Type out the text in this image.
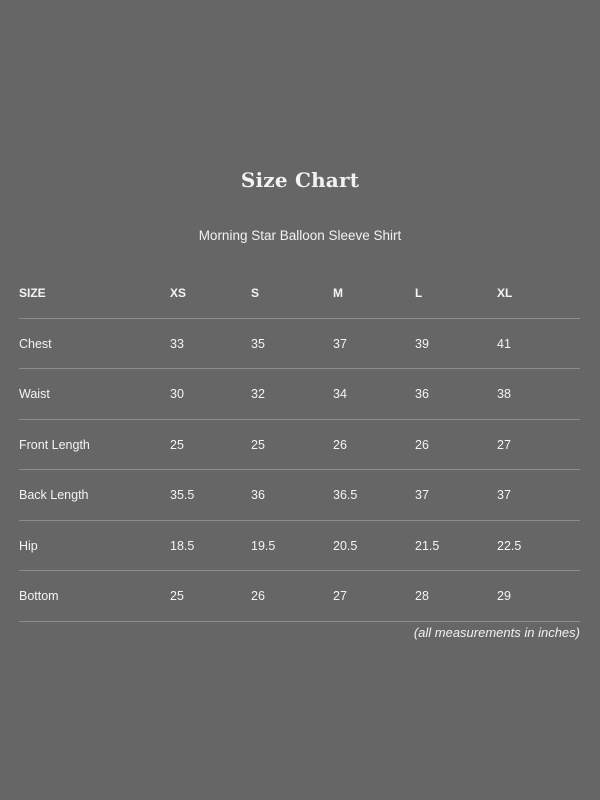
Size Chart
Morning Star Balloon Sleeve Shirt
SIZE	XS	S	M	L	XL
Chest	33	35	37	39	41
Waist	30	32	34	36	38
Front Length	25	25	26	26	27
Back Length	35.5	36	36.5	37	37
Hip	18.5	19.5	20.5	21.5	22.5
Bottom	25	26	27	28	29
(all measurements in inches)
